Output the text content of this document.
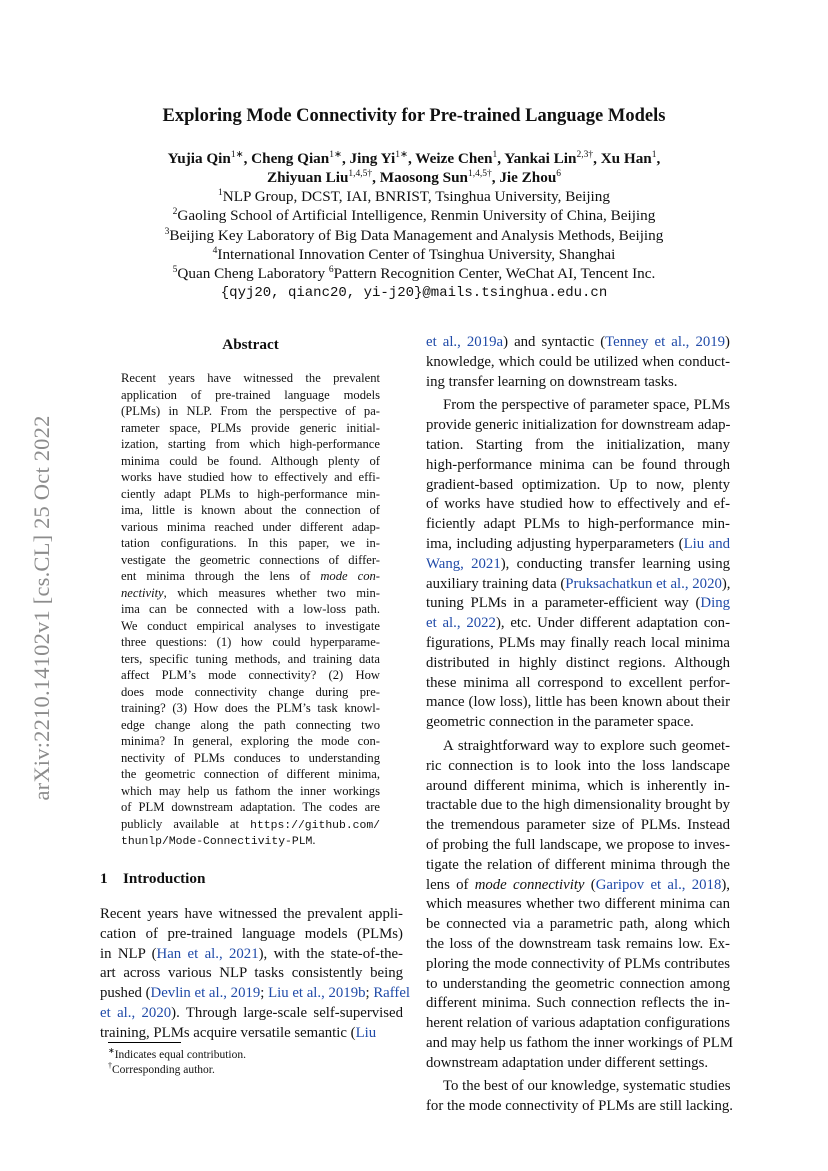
arXiv:2210.14102v1 [cs.CL] 25 Oct 2022
Exploring Mode Connectivity for Pre-trained Language Models
Yujia Qin$^{1∗}$, Cheng Qian$^{1∗}$, Jing $Yi^{1∗}$, Weize Chen$^1$, Yankai Lin$^{2,3\dagger}$, Xu Han$^1$,
Zhiyuan Liu$^{1,4,5\dagger}$, Maosong Sun$^{1,4,5\dagger}$, Jie Zhou$^6$
$^1$NLP Group, DCST, IAI, BNRIST, Tsinghua University, Beijing
$^2$Gaoling School of Artificial Intelligence, Renmin University of China, Beijing
$^3$Beijing Key Laboratory of Big Data Management and Analysis Methods, Beijing
$^4$International Innovation Center of Tsinghua University, Shanghai
$^5$Quan Cheng Laboratory $^6$Pattern Recognition Center, WeChat AI, Tencent Inc.
{qyj20, qianc20, yi-j20}@mails.tsinghua.edu.cn
Abstract
Recent years have witnessed the prevalent
application of pre-trained language models
(PLMs) in NLP. From the perspective of pa-
rameter space, PLMs provide generic initial-
ization, starting from which high-performance
minima could be found. Although plenty of
works have studied how to effectively and effi-
ciently adapt PLMs to high-performance min-
ima, little is known about the connection of
various minima reached under different adap-
tation configurations. In this paper, we in-
vestigate the geometric connections of differ-
ent minima through the lens of mode con-
nectivity, which measures whether two min-
ima can be connected with a low-loss path.
We conduct empirical analyses to investigate
three questions: (1) how could hyperparame-
ters, specific tuning methods, and training data
affect PLM’s mode connectivity? (2) How
does mode connectivity change during pre-
training? (3) How does the PLM’s task knowl-
edge change along the path connecting two
minima? In general, exploring the mode con-
nectivity of PLMs conduces to understanding
the geometric connection of different minima,
which may help us fathom the inner workings
of PLM downstream adaptation. The codes are
publicly available at https://github.com/
thunlp/Mode-Connectivity-PLM.
1 Introduction
Recent years have witnessed the prevalent appli-
cation of pre-trained language models (PLMs)
in NLP (Han et al., 2021), with the state-of-the-
art across various NLP tasks consistently being
pushed (Devlin et al., 2019; Liu et al., 2019b; Raffel
et al., 2020). Through large-scale self-supervised
training, PLMs acquire versatile semantic (Liu
et al., 2019a) and syntactic (Tenney et al., 2019)
knowledge, which could be utilized when conduct-
ing transfer learning on downstream tasks.
From the perspective of parameter space, PLMs
provide generic initialization for downstream adap-
tation. Starting from the initialization, many
high-performance minima can be found through
gradient-based optimization. Up to now, plenty
of works have studied how to effectively and ef-
ficiently adapt PLMs to high-performance min-
ima, including adjusting hyperparameters (Liu and
Wang, 2021), conducting transfer learning using
auxiliary training data (Pruksachatkun et al., 2020),
tuning PLMs in a parameter-efficient way (Ding
et al., 2022), etc. Under different adaptation con-
figurations, PLMs may finally reach local minima
distributed in highly distinct regions. Although
these minima all correspond to excellent perfor-
mance (low loss), little has been known about their
geometric connection in the parameter space.
A straightforward way to explore such geomet-
ric connection is to look into the loss landscape
around different minima, which is inherently in-
tractable due to the high dimensionality brought by
the tremendous parameter size of PLMs. Instead
of probing the full landscape, we propose to inves-
tigate the relation of different minima through the
lens of mode connectivity (Garipov et al., 2018),
which measures whether two different minima can
be connected via a parametric path, along which
the loss of the downstream task remains low. Ex-
ploring the mode connectivity of PLMs contributes
to understanding the geometric connection among
different minima. Such connection reflects the in-
herent relation of various adaptation configurations
and may help us fathom the inner workings of PLM
downstream adaptation under different settings.
To the best of our knowledge, systematic studies
for the mode connectivity of PLMs are still lacking.
∗Indicates equal contribution.
†Corresponding author.
